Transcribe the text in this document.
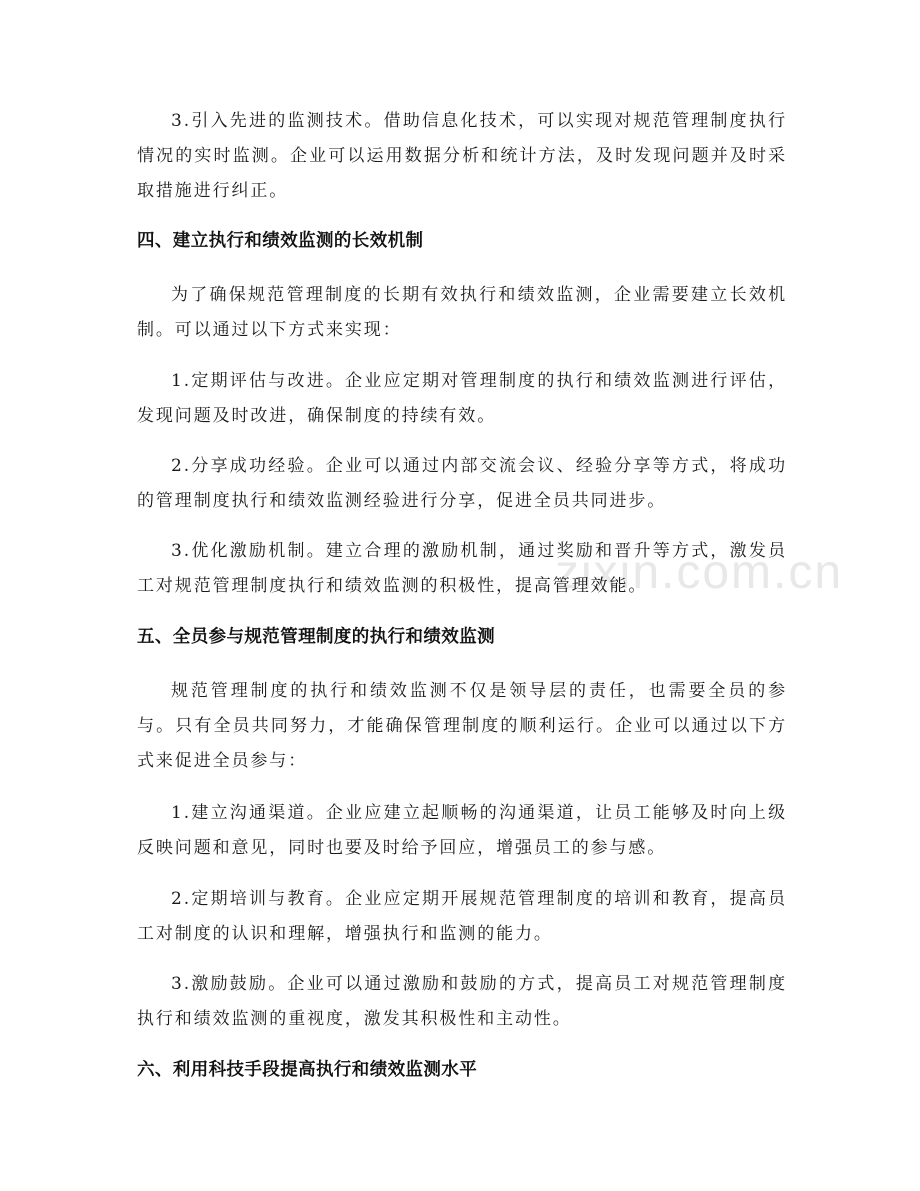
zixin.com.cn

3.引入先进的监测技术。借助信息化技术，可以实现对规范管理制度执行情况的实时监测。企业可以运用数据分析和统计方法，及时发现问题并及时采取措施进行纠正。

四、建立执行和绩效监测的长效机制

为了确保规范管理制度的长期有效执行和绩效监测，企业需要建立长效机制。可以通过以下方式来实现：

1.定期评估与改进。企业应定期对管理制度的执行和绩效监测进行评估，发现问题及时改进，确保制度的持续有效。

2.分享成功经验。企业可以通过内部交流会议、经验分享等方式，将成功的管理制度执行和绩效监测经验进行分享，促进全员共同进步。

3.优化激励机制。建立合理的激励机制，通过奖励和晋升等方式，激发员工对规范管理制度执行和绩效监测的积极性，提高管理效能。

五、全员参与规范管理制度的执行和绩效监测

规范管理制度的执行和绩效监测不仅是领导层的责任，也需要全员的参与。只有全员共同努力，才能确保管理制度的顺利运行。企业可以通过以下方式来促进全员参与：

1.建立沟通渠道。企业应建立起顺畅的沟通渠道，让员工能够及时向上级反映问题和意见，同时也要及时给予回应，增强员工的参与感。

2.定期培训与教育。企业应定期开展规范管理制度的培训和教育，提高员工对制度的认识和理解，增强执行和监测的能力。

3.激励鼓励。企业可以通过激励和鼓励的方式，提高员工对规范管理制度执行和绩效监测的重视度，激发其积极性和主动性。

六、利用科技手段提高执行和绩效监测水平
